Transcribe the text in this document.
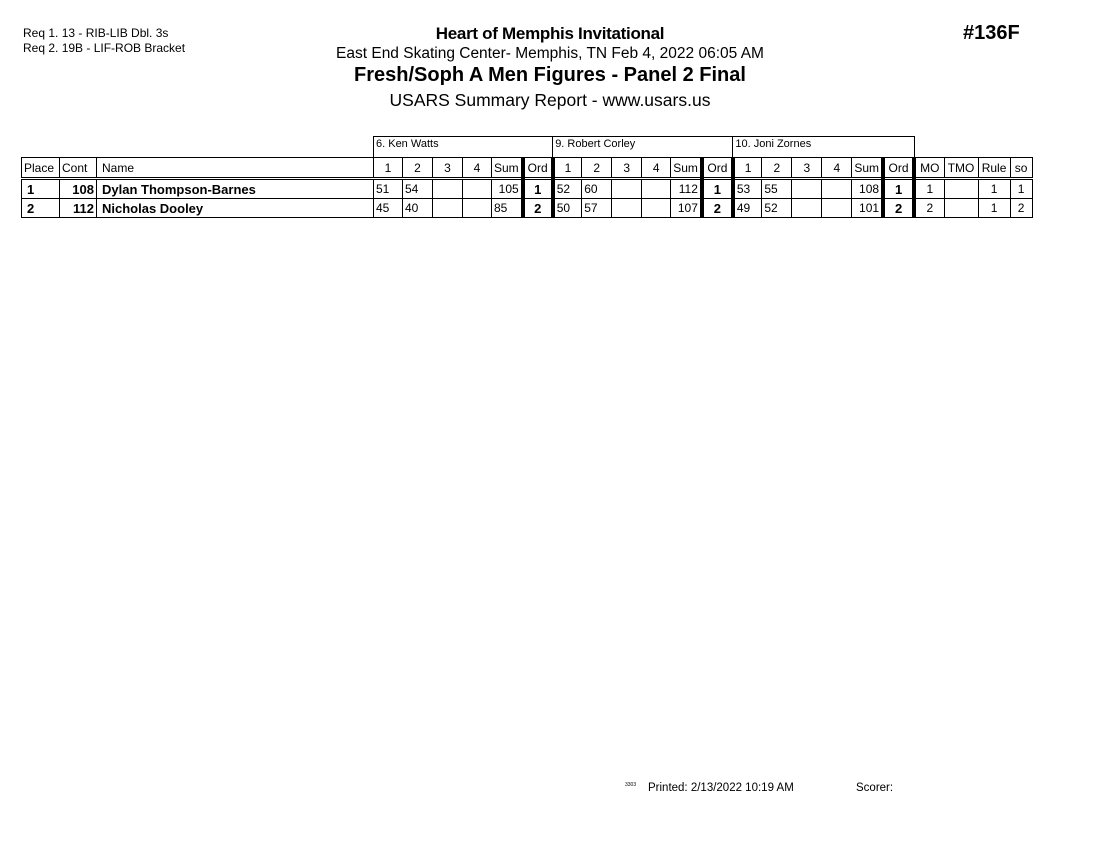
Req 1. 13 - RIB-LIB Dbl. 3s
Req 2. 19B - LIF-ROB Bracket
Heart of Memphis Invitational
East End Skating Center- Memphis, TN Feb 4, 2022 06:05 AM
Fresh/Soph A Men Figures - Panel 2 Final
USARS Summary Report - www.usars.us
#136F
			6. Ken Watts						9. Robert Corley						10. Joni Zornes									
Place	Cont	Name	1	2	3	4	Sum	Ord	1	2	3	4	Sum	Ord	1	2	3	4	Sum	Ord	MO	TMO	Rule	so
1	108	Dylan Thompson-Barnes	51	54			105	1	52	60			112	1	53	55			108	1	1		1	1
2	112	Nicholas Dooley	45	40			85	2	50	57			107	2	49	52			101	2	2		1	2
3303 Printed: 2/13/2022 10:19 AM	Scorer:
